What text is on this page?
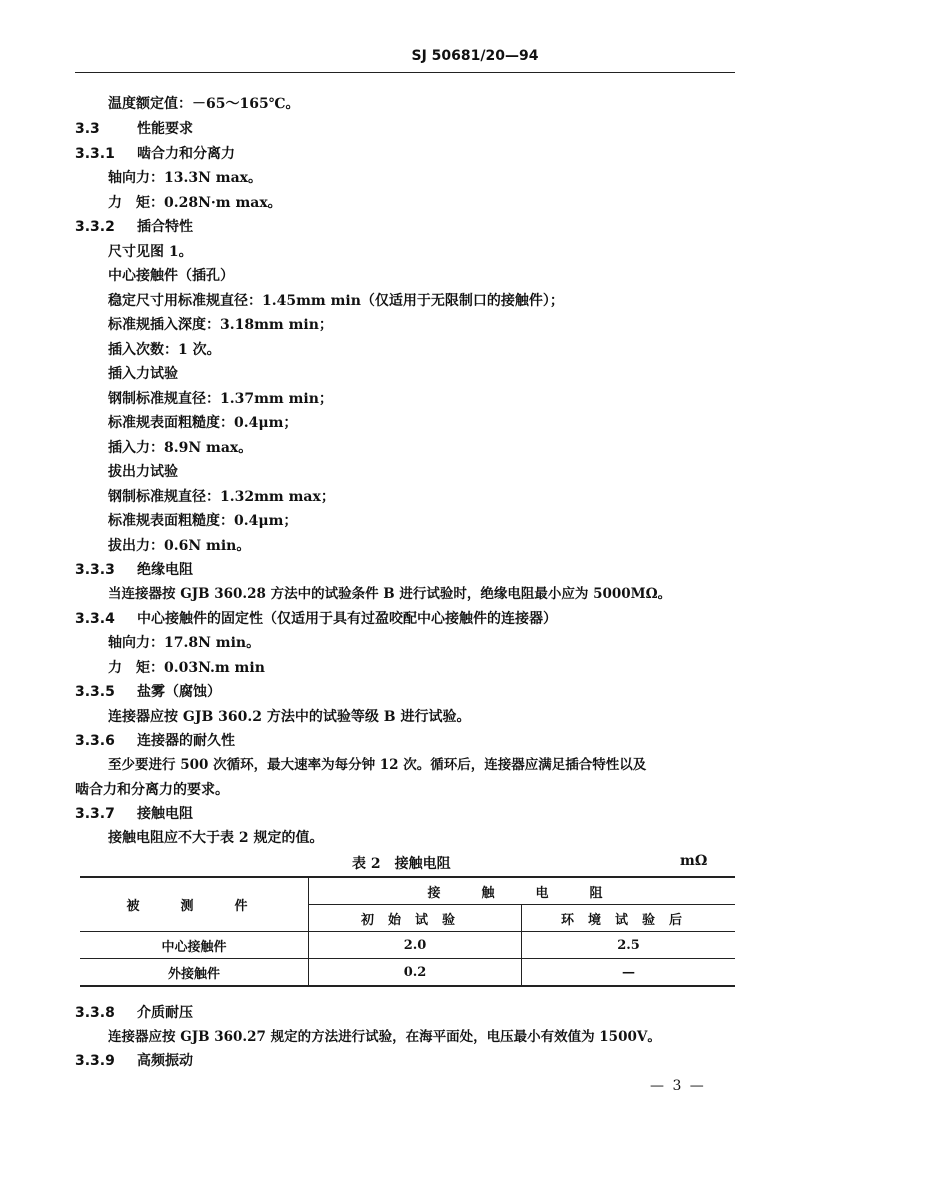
SJ 50681/20—94
温度额定值：－65～165℃。
3.3	性能要求
3.3.1 啮合力和分离力
轴向力：13.3N max。
力　矩：0.28N·m max。
3.3.2 插合特性
尺寸见图 1。
中心接触件（插孔）
稳定尺寸用标准规直径：1.45mm min（仅适用于无限制口的接触件）；
标准规插入深度：3.18mm min；
插入次数：1 次。
插入力试验
钢制标准规直径：1.37mm min；
标准规表面粗糙度：0.4μm；
插入力：8.9N max。
拔出力试验
钢制标准规直径：1.32mm max；
标准规表面粗糙度：0.4μm；
拔出力：0.6N min。
3.3.3 绝缘电阻
当连接器按 GJB 360.28 方法中的试验条件 B 进行试验时，绝缘电阻最小应为 5000MΩ。
3.3.4 中心接触件的固定性（仅适用于具有过盈咬配中心接触件的连接器）
轴向力：17.8N min。
力　矩：0.03N.m min
3.3.5 盐雾（腐蚀）
连接器应按 GJB 360.2 方法中的试验等级 B 进行试验。
3.3.6 连接器的耐久性
至少要进行 500 次循环，最大速率为每分钟 12 次。循环后，连接器应满足插合特性以及
啮合力和分离力的要求。
3.3.7 接触电阻
接触电阻应不大于表 2 规定的值。
表 2　接触电阻	mΩ
被　测　件	接　触　电　阻	
	初始试验	环境试验后
中心接触件	2.0	2.5
外接触件	0.2	—
3.3.8 介质耐压
连接器应按 GJB 360.27 规定的方法进行试验，在海平面处，电压最小有效值为 1500V。
3.3.9 高频振动
— 3 —
